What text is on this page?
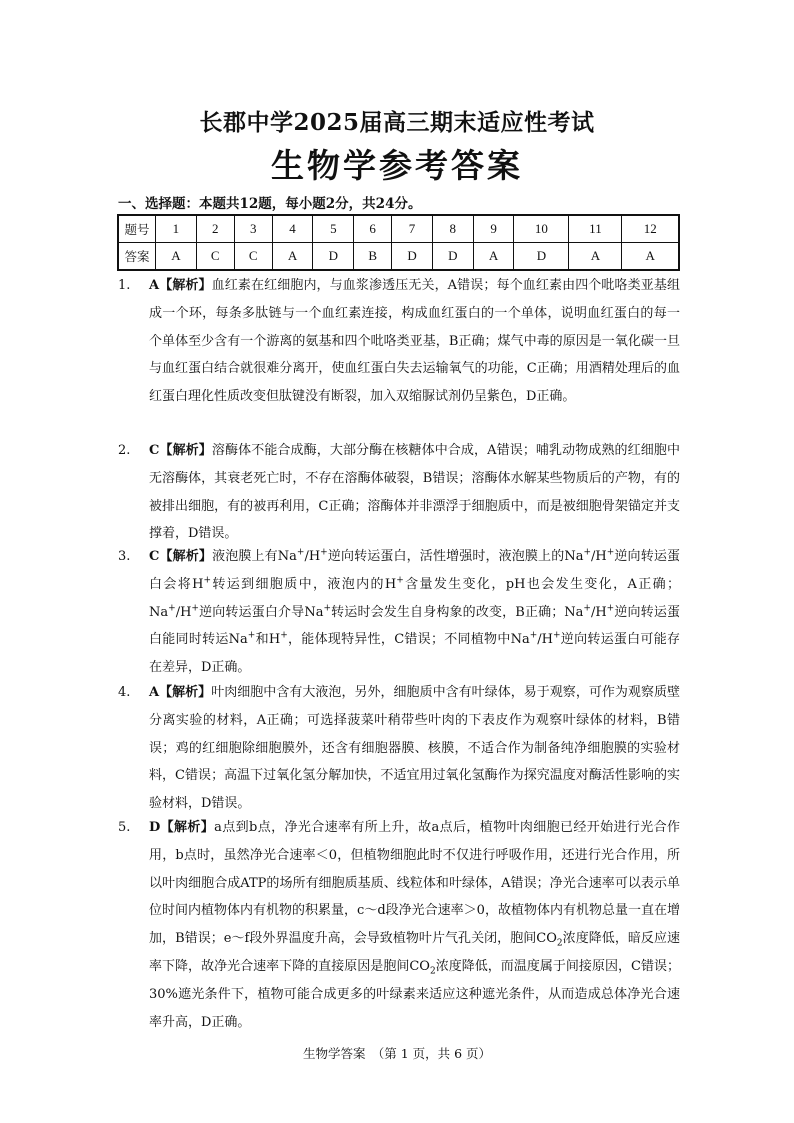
长郡中学2025届高三期末适应性考试
生物学参考答案
一、选择题：本题共12题，每小题2分，共24分。
题号	1	2	3	4	5	6	7	8	9	10	11	12
答案	A	C	C	A	D	B	D	D	A	D	A	A
1. A【解析】血红素在红细胞内，与血浆渗透压无关，A错误；每个血红素由四个吡咯类亚基组成一个环，每条多肽链与一个血红素连接，构成血红蛋白的一个单体，说明血红蛋白的每一个单体至少含有一个游离的氨基和四个吡咯类亚基，B正确；煤气中毒的原因是一氧化碳一旦与血红蛋白结合就很难分离开，使血红蛋白失去运输氧气的功能，C正确；用酒精处理后的血红蛋白理化性质改变但肽键没有断裂，加入双缩脲试剂仍呈紫色，D正确。
2. C【解析】溶酶体不能合成酶，大部分酶在核糖体中合成，A错误；哺乳动物成熟的红细胞中无溶酶体，其衰老死亡时，不存在溶酶体破裂，B错误；溶酶体水解某些物质后的产物，有的被排出细胞，有的被再利用，C正确；溶酶体并非漂浮于细胞质中，而是被细胞骨架锚定并支撑着，D错误。
3. C【解析】液泡膜上有Na+/H+逆向转运蛋白，活性增强时，液泡膜上的Na+/H+逆向转运蛋白会将H+转运到细胞质中，液泡内的H+含量发生变化，pH也会发生变化，A正确；Na+/H+逆向转运蛋白介导Na+转运时会发生自身构象的改变，B正确；Na+/H+逆向转运蛋白能同时转运Na+和H+，能体现特异性，C错误；不同植物中Na+/H+逆向转运蛋白可能存在差异，D正确。
4. A【解析】叶肉细胞中含有大液泡，另外，细胞质中含有叶绿体，易于观察，可作为观察质壁分离实验的材料，A正确；可选择菠菜叶稍带些叶肉的下表皮作为观察叶绿体的材料，B错误；鸡的红细胞除细胞膜外，还含有细胞器膜、核膜，不适合作为制备纯净细胞膜的实验材料，C错误；高温下过氧化氢分解加快，不适宜用过氧化氢酶作为探究温度对酶活性影响的实验材料，D错误。
5. D【解析】a点到b点，净光合速率有所上升，故a点后，植物叶肉细胞已经开始进行光合作用，b点时，虽然净光合速率＜0，但植物细胞此时不仅进行呼吸作用，还进行光合作用，所以叶肉细胞合成ATP的场所有细胞质基质、线粒体和叶绿体，A错误；净光合速率可以表示单位时间内植物体内有机物的积累量，c～d段净光合速率＞0，故植物体内有机物总量一直在增加，B错误；e～f段外界温度升高，会导致植物叶片气孔关闭，胞间$CO_2$浓度降低，暗反应速率下降，故净光合速率下降的直接原因是胞间$CO_2$浓度降低，而温度属于间接原因，C错误；30%遮光条件下，植物可能合成更多的叶绿素来适应这种遮光条件，从而造成总体净光合速率升高，D正确。
生物学答案　（第 1 页，共 6 页）
